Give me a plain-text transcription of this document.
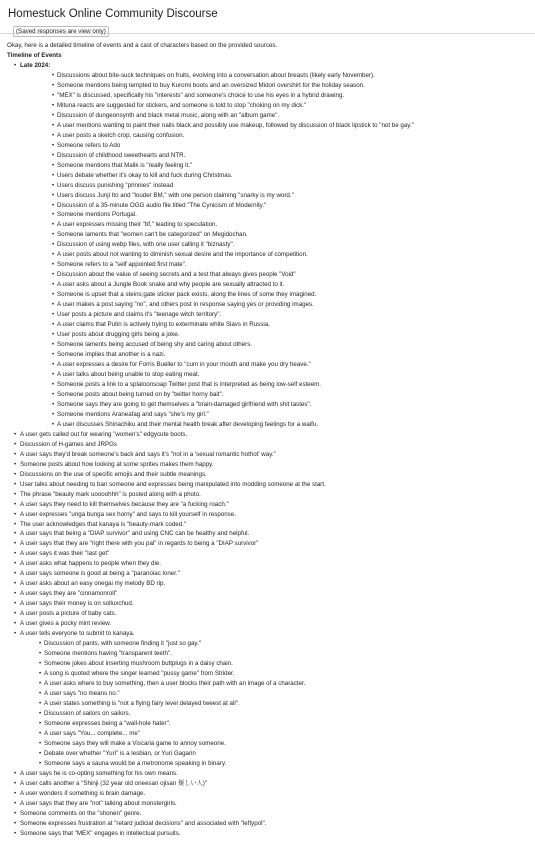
Homestuck Online Community Discourse
(Saved responses are view only)

Okay, here is a detailed timeline of events and a cast of characters based on the provided sources.

Timeline of Events

• Late 2024:
• Discussions about bite-suck techniques on fruits, evolving into a conversation about breasts (likely early November).
• Someone mentions being tempted to buy Kuromi boots and an oversized Midori overshirt for the holiday season.
• "MEX" is discussed, specifically his "interests" and someone's choice to use his eyes in a hybrid drawing.
• Mituna reacts are suggested for stickers, and someone is told to stop "choking on my dick."
• Discussion of dungeonsynth and black metal music, along with an "album game".
• A user mentions wanting to paint their nails black and possibly use makeup, followed by discussion of black lipstick to "not be gay."
• A user posts a sketch crop, causing confusion.
• Someone refers to Ado
• Discussion of childhood sweethearts and NTR.
• Someone mentions that Malik is "really feeling it."
• Users debate whether it's okay to kill and fuck during Christmas.
• Users discuss punishing "prinnies" instead
• Users discuss Junji Ito and "louder BM," with one person claiming "snarky is my word."
• Discussion of a 35-minute OGG audio file titled "The Cynicism of Modernity."
• Someone mentions Portugal.
• A user expresses missing their "bf," leading to speculation.
• Someone laments that "women can't be categorized" on Megidochan.
• Discussion of using webp files, with one user calling it "biznasty".
• A user posts about not wanting to diminish sexual desire and the importance of competition.
• Someone refers to a "self appointed first mate".
• Discussion about the value of seeing secrets and a test that always gives people "Void"
• A user asks about a Jungle Book snake and why people are sexually attracted to it.
• Someone is upset that a steins;gate sticker pack exists, along the lines of some they imagined.
• A user makes a post saying "no", and others post in response saying yes or providing images.
• User posts a picture and claims it's "teenage witch territory".
• A user claims that Putin is actively trying to exterminate white Slavs in Russia.
• User posts about drugging girls being a joke.
• Someone laments being accused of being shy and caring about others.
• Someone implies that another is a nazi.
• A user expresses a desire for Forris Bueller to "cum in your mouth and make you dry heave."
• A user talks about being unable to stop eating meat.
• Someone posts a link to a splatoonsoap Twitter post that is interpreted as being low-self esteem.
• Someone posts about being turned on by "twitter horny bait".
• Someone says they are going to get themselves a "brain-damaged girlfriend with shit tastes".
• Someone mentions Araneafag and says "she's my girl."
• A user discusses Shinachiku and their mental health break after developing feelings for a waifu.
• A user gets called out for wearing "women's" edgycute boots.
• Discussion of H-games and JRPGs
• A user says they'd break someone's back and says it's "not in a 'sexual romantic hothot' way."
• Someone posts about how looking at some sprites makes them happy.
• Discussions on the use of specific emojis and their subtle meanings.
• User talks about needing to ban someone and expresses being manipulated into modding someone at the start.
• The phrase "beauty mark uoooohhh" is posted along with a photo.
• A user says they need to kill themselves because they are "a fucking roach."
• A user expresses "unga bunga sex horny" and says to kill yourself in response.
• The user acknowledges that kanaya is "beauty-mark coded."
• A user says that being a "DIAP survivor" and using CNC can be healthy and helpful.
• A user says that they are "right there with you pal" in regards to being a "DIAP survivor"
• A user says it was their "last get"
• A user asks what happens to people when they die.
• A user says someone is good at being a "paranoiac loner."
• A user asks about an easy onegai my melody BD rip.
• A user says they are "cinnamonroll"
• A user says their money is on solluxchud.
• A user posts a picture of baby cats.
• A user gives a pocky mint review.
• A user tells everyone to submit to kanaya.
• Discussion of pants, with someone finding it "just so gay."
• Someone mentions having "transparent teeth".
• Someone jokes about inserting mushroom buttplugs in a daisy chain.
• A song is quoted where the singer learned "pussy game" from Strider.
• A user asks where to buy something, then a user blocks their path with an image of a character.
• A user says "no means no."
• A user states something is "not a flying fairy level delayed tweest at all".
• Discussion of sailors on sailors.
• Someone expresses being a "wall-hole hater".
• A user says "You... complete... me"
• Someone says they will make a Viscaria game to annoy someone.
• Debate over whether "Yuri" is a lesbian, or Yuri Gagarin
• Someone says a sauna would be a metronome speaking in binary.
• A user says he is co-opting something for his own means.
• A user calls another a "Shinji (32 year old oneesan ojisan 優しい人)"
• A user wonders if something is brain damage.
• A user says that they are "not" talking about monstergirls.
• Someone comments on the "shonen" genre.
• Someone expresses frustration at "retard judicial decisions" and associated with "leftypol".
• Someone says that "MEX" engages in intellectual pursuits.
